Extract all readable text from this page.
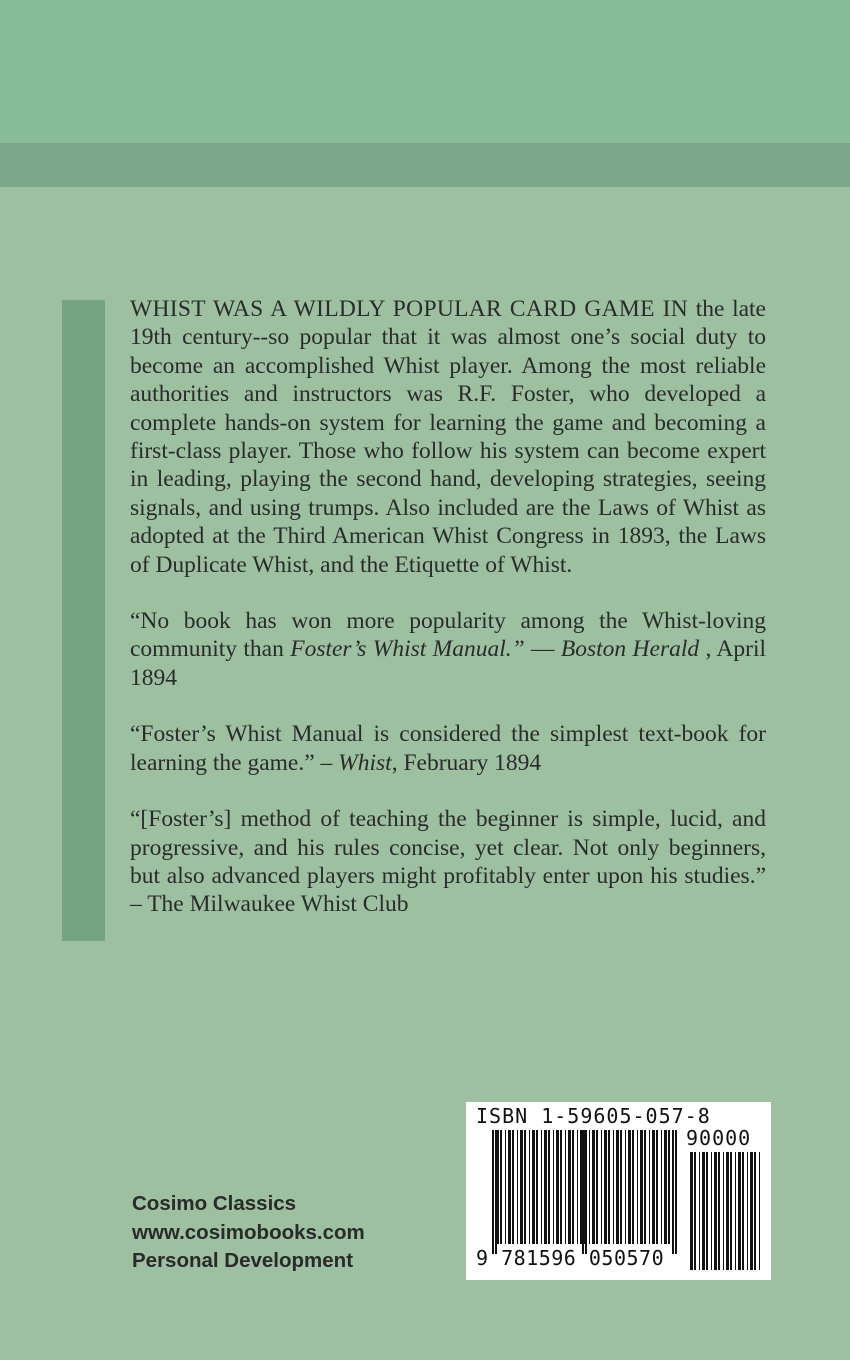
WHIST WAS A WILDLY POPULAR CARD GAME IN the late 19th century--so popular that it was almost one’s social duty to become an accomplished Whist player. Among the most reliable authorities and instructors was R.F. Foster, who developed a complete hands-on system for learning the game and becoming a first-class player. Those who follow his system can become expert in leading, playing the second hand, developing strategies, seeing signals, and using trumps. Also included are the Laws of Whist as adopted at the Third American Whist Congress in 1893, the Laws of Duplicate Whist, and the Etiquette of Whist.

“No book has won more popularity among the Whist-loving community than Foster’s Whist Manual.” — Boston Herald , April 1894

“Foster’s Whist Manual is considered the simplest text-book for learning the game.” – Whist, February 1894

“[Foster’s] method of teaching the beginner is simple, lucid, and progressive, and his rules concise, yet clear. Not only beginners, but also advanced players might profitably enter upon his studies.” – The Milwaukee Whist Club

Cosimo Classics
www.cosimobooks.com
Personal Development
ISBN 1-59605-057-8
90000
9 781596 050570
